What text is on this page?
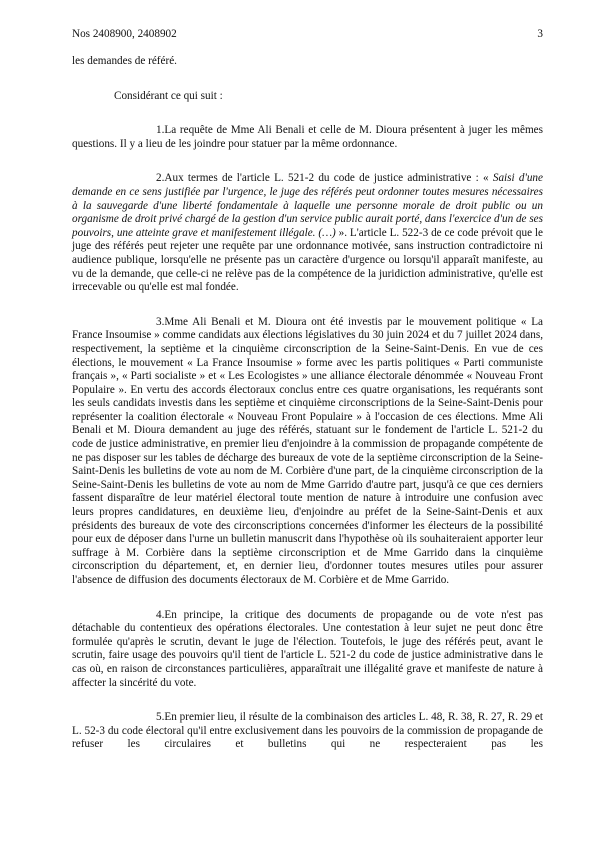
Nos 2408900, 2408902	3

les demandes de référé.

Considérant ce qui suit :

1.La requête de Mme Ali Benali et celle de M. Dioura présentent à juger les mêmes questions. Il y a lieu de les joindre pour statuer par la même ordonnance.

2.Aux termes de l'article L. 521-2 du code de justice administrative : « Saisi d'une demande en ce sens justifiée par l'urgence, le juge des référés peut ordonner toutes mesures nécessaires à la sauvegarde d'une liberté fondamentale à laquelle une personne morale de droit public ou un organisme de droit privé chargé de la gestion d'un service public aurait porté, dans l'exercice d'un de ses pouvoirs, une atteinte grave et manifestement illégale. (…) ». L'article L. 522-3 de ce code prévoit que le juge des référés peut rejeter une requête par une ordonnance motivée, sans instruction contradictoire ni audience publique, lorsqu'elle ne présente pas un caractère d'urgence ou lorsqu'il apparaît manifeste, au vu de la demande, que celle-ci ne relève pas de la compétence de la juridiction administrative, qu'elle est irrecevable ou qu'elle est mal fondée.

3.Mme Ali Benali et M. Dioura ont été investis par le mouvement politique « La France Insoumise » comme candidats aux élections législatives du 30 juin 2024 et du 7 juillet 2024 dans, respectivement, la septième et la cinquième circonscription de la Seine-Saint-Denis. En vue de ces élections, le mouvement « La France Insoumise » forme avec les partis politiques « Parti communiste français », « Parti socialiste » et « Les Ecologistes » une alliance électorale dénommée « Nouveau Front Populaire ». En vertu des accords électoraux conclus entre ces quatre organisations, les requérants sont les seuls candidats investis dans les septième et cinquième circonscriptions de la Seine-Saint-Denis pour représenter la coalition électorale « Nouveau Front Populaire » à l'occasion de ces élections. Mme Ali Benali et M. Dioura demandent au juge des référés, statuant sur le fondement de l'article L. 521-2 du code de justice administrative, en premier lieu d'enjoindre à la commission de propagande compétente de ne pas disposer sur les tables de décharge des bureaux de vote de la septième circonscription de la Seine-Saint-Denis les bulletins de vote au nom de M. Corbière d'une part, de la cinquième circonscription de la Seine-Saint-Denis les bulletins de vote au nom de Mme Garrido d'autre part, jusqu'à ce que ces derniers fassent disparaître de leur matériel électoral toute mention de nature à introduire une confusion avec leurs propres candidatures, en deuxième lieu, d'enjoindre au préfet de la Seine-Saint-Denis et aux présidents des bureaux de vote des circonscriptions concernées d'informer les électeurs de la possibilité pour eux de déposer dans l'urne un bulletin manuscrit dans l'hypothèse où ils souhaiteraient apporter leur suffrage à M. Corbière dans la septième circonscription et de Mme Garrido dans la cinquième circonscription du département, et, en dernier lieu, d'ordonner toutes mesures utiles pour assurer l'absence de diffusion des documents électoraux de M. Corbière et de Mme Garrido.

4.En principe, la critique des documents de propagande ou de vote n'est pas détachable du contentieux des opérations électorales. Une contestation à leur sujet ne peut donc être formulée qu'après le scrutin, devant le juge de l'élection. Toutefois, le juge des référés peut, avant le scrutin, faire usage des pouvoirs qu'il tient de l'article L. 521-2 du code de justice administrative dans le cas où, en raison de circonstances particulières, apparaîtrait une illégalité grave et manifeste de nature à affecter la sincérité du vote.

5.En premier lieu, il résulte de la combinaison des articles L. 48, R. 38, R. 27, R. 29 et L. 52-3 du code électoral qu'il entre exclusivement dans les pouvoirs de la commission de propagande de refuser les circulaires et bulletins qui ne respecteraient pas les
